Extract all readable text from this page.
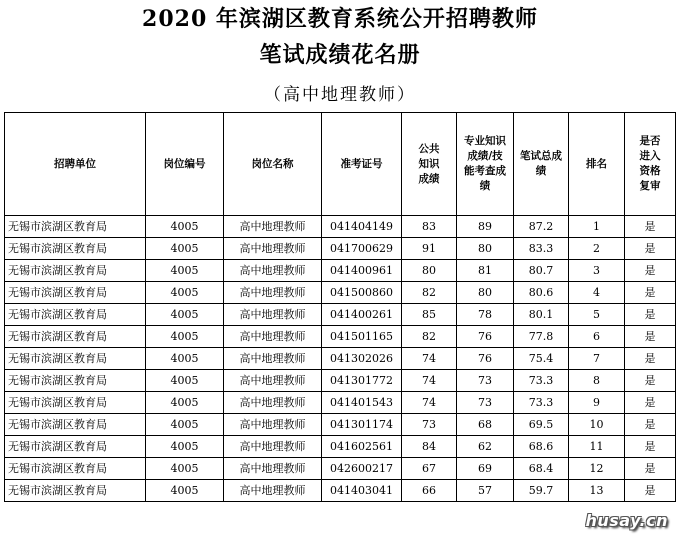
2020 年滨湖区教育系统公开招聘教师
笔试成绩花名册
（高中地理教师）
招聘单位	岗位编号	岗位名称	准考证号	公共知识成绩	专业知识成绩/技能考查成绩	笔试总成绩	排名	是否进入资格复审
无锡市滨湖区教育局	4005	高中地理教师	041404149	83	89	87.2	1	是
无锡市滨湖区教育局	4005	高中地理教师	041700629	91	80	83.3	2	是
无锡市滨湖区教育局	4005	高中地理教师	041400961	80	81	80.7	3	是
无锡市滨湖区教育局	4005	高中地理教师	041500860	82	80	80.6	4	是
无锡市滨湖区教育局	4005	高中地理教师	041400261	85	78	80.1	5	是
无锡市滨湖区教育局	4005	高中地理教师	041501165	82	76	77.8	6	是
无锡市滨湖区教育局	4005	高中地理教师	041302026	74	76	75.4	7	是
无锡市滨湖区教育局	4005	高中地理教师	041301772	74	73	73.3	8	是
无锡市滨湖区教育局	4005	高中地理教师	041401543	74	73	73.3	9	是
无锡市滨湖区教育局	4005	高中地理教师	041301174	73	68	69.5	10	是
无锡市滨湖区教育局	4005	高中地理教师	041602561	84	62	68.6	11	是
无锡市滨湖区教育局	4005	高中地理教师	042600217	67	69	68.4	12	是
无锡市滨湖区教育局	4005	高中地理教师	041403041	66	57	59.7	13	是
husay.cn
